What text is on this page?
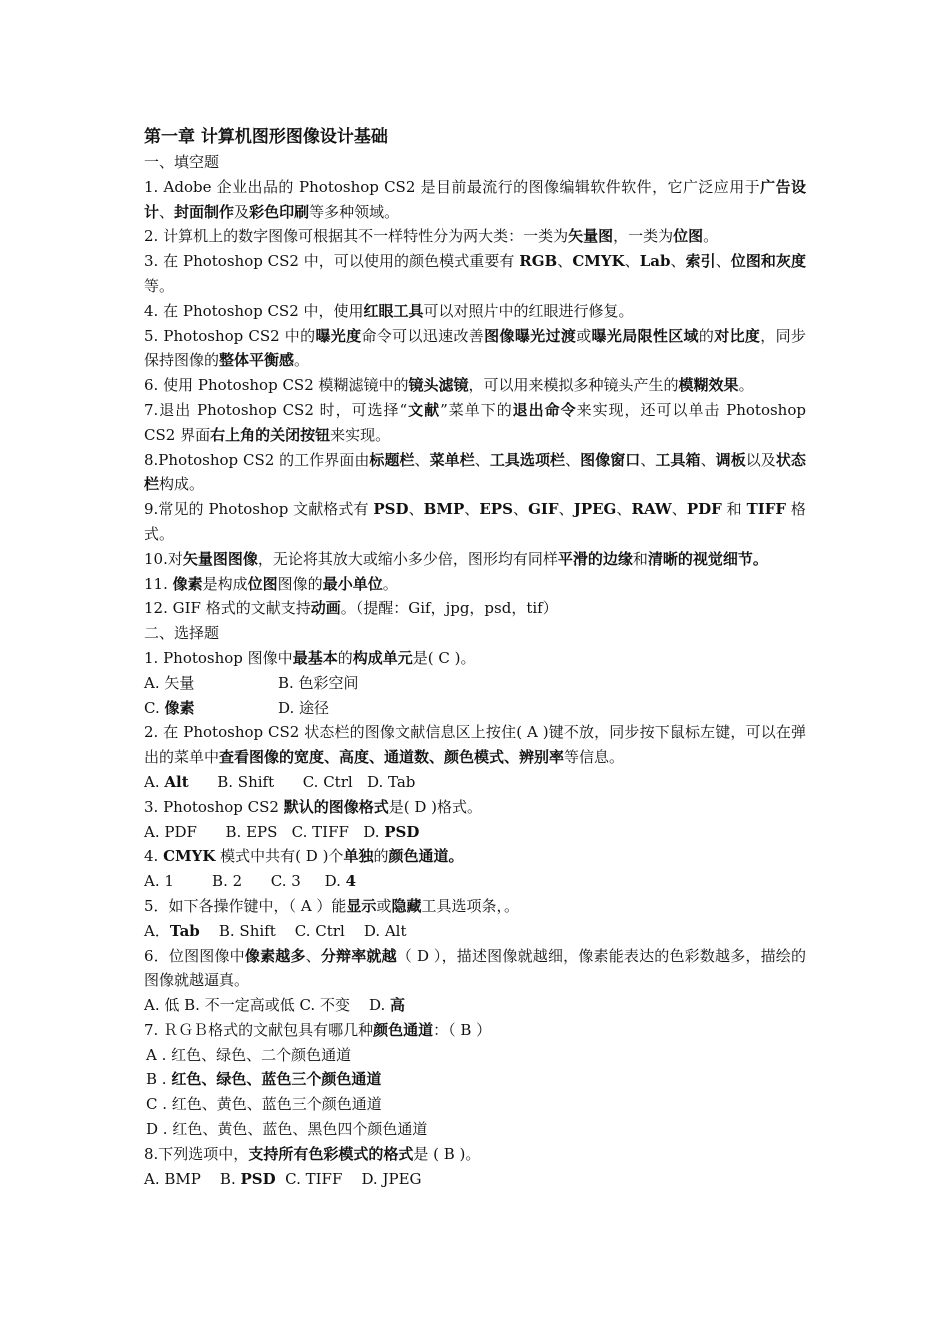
第一章 计算机图形图像设计基础
一、填空题
1. Adobe 企业出品的 Photoshop CS2 是目前最流行的图像编辑软件软件，它广泛应用于广告设计、封面制作及彩色印刷等多种领域。
2. 计算机上的数字图像可根据其不一样特性分为两大类：一类为矢量图，一类为位图。
3. 在 Photoshop CS2 中，可以使用的颜色模式重要有 RGB、CMYK、Lab、索引、位图和灰度等。
4. 在 Photoshop CS2 中，使用红眼工具可以对照片中的红眼进行修复。
5. Photoshop CS2 中的曝光度命令可以迅速改善图像曝光过渡或曝光局限性区域的对比度，同步保持图像的整体平衡感。
6. 使用 Photoshop CS2 模糊滤镜中的镜头滤镜，可以用来模拟多种镜头产生的模糊效果。
7.退出 Photoshop CS2 时，可选择“文献”菜单下的退出命令来实现，还可以单击 Photoshop CS2 界面右上角的关闭按钮来实现。
8.Photoshop CS2 的工作界面由标题栏、菜单栏、工具选项栏、图像窗口、工具箱、调板以及状态栏构成。
9.常见的 Photoshop 文献格式有 PSD、BMP、EPS、GIF、JPEG、RAW、PDF 和 TIFF 格式。
10.对矢量图图像，无论将其放大或缩小多少倍，图形均有同样平滑的边缘和清晰的视觉细节。
11. 像素是构成位图图像的最小单位。
12. GIF 格式的文献支持动画。（提醒：Gif，jpg，psd，tif）
二、选择题
1. Photoshop 图像中最基本的构成单元是( C )。
A. 矢量	B. 色彩空间
C. 像素	D. 途径
2. 在 Photoshop CS2 状态栏的图像文献信息区上按住( A )键不放，同步按下鼠标左键，可以在弹出的菜单中查看图像的宽度、高度、通道数、颜色模式、辨别率等信息。
A. Alt      B. Shift      C. Ctrl   D. Tab
3. Photoshop CS2 默认的图像格式是( D )格式。
A. PDF      B. EPS   C. TIFF   D. PSD
4. CMYK 模式中共有( D )个单独的颜色通道。
A. 1        B. 2      C. 3     D. 4
5．如下各操作键中，（ A ）能显示或隐藏工具选项条，。
A．Tab    B. Shift    C. Ctrl    D. Alt
6．位图图像中像素越多、分辩率就越（ D ），描述图像就越细，像素能表达的色彩数越多，描绘的图像就越逼真。
A. 低 B. 不一定高或低 C. 不变    D. 高
7. ＲＧＢ格式的文献包具有哪几种颜色通道：（ B ）
A . 红色、绿色、二个颜色通道
B . 红色、绿色、蓝色三个颜色通道
C . 红色、黄色、蓝色三个颜色通道
D . 红色、黄色、蓝色、黑色四个颜色通道
8.下列选项中，支持所有色彩模式的格式是 ( B )。
A. BMP    B. PSD  C. TIFF    D. JPEG
